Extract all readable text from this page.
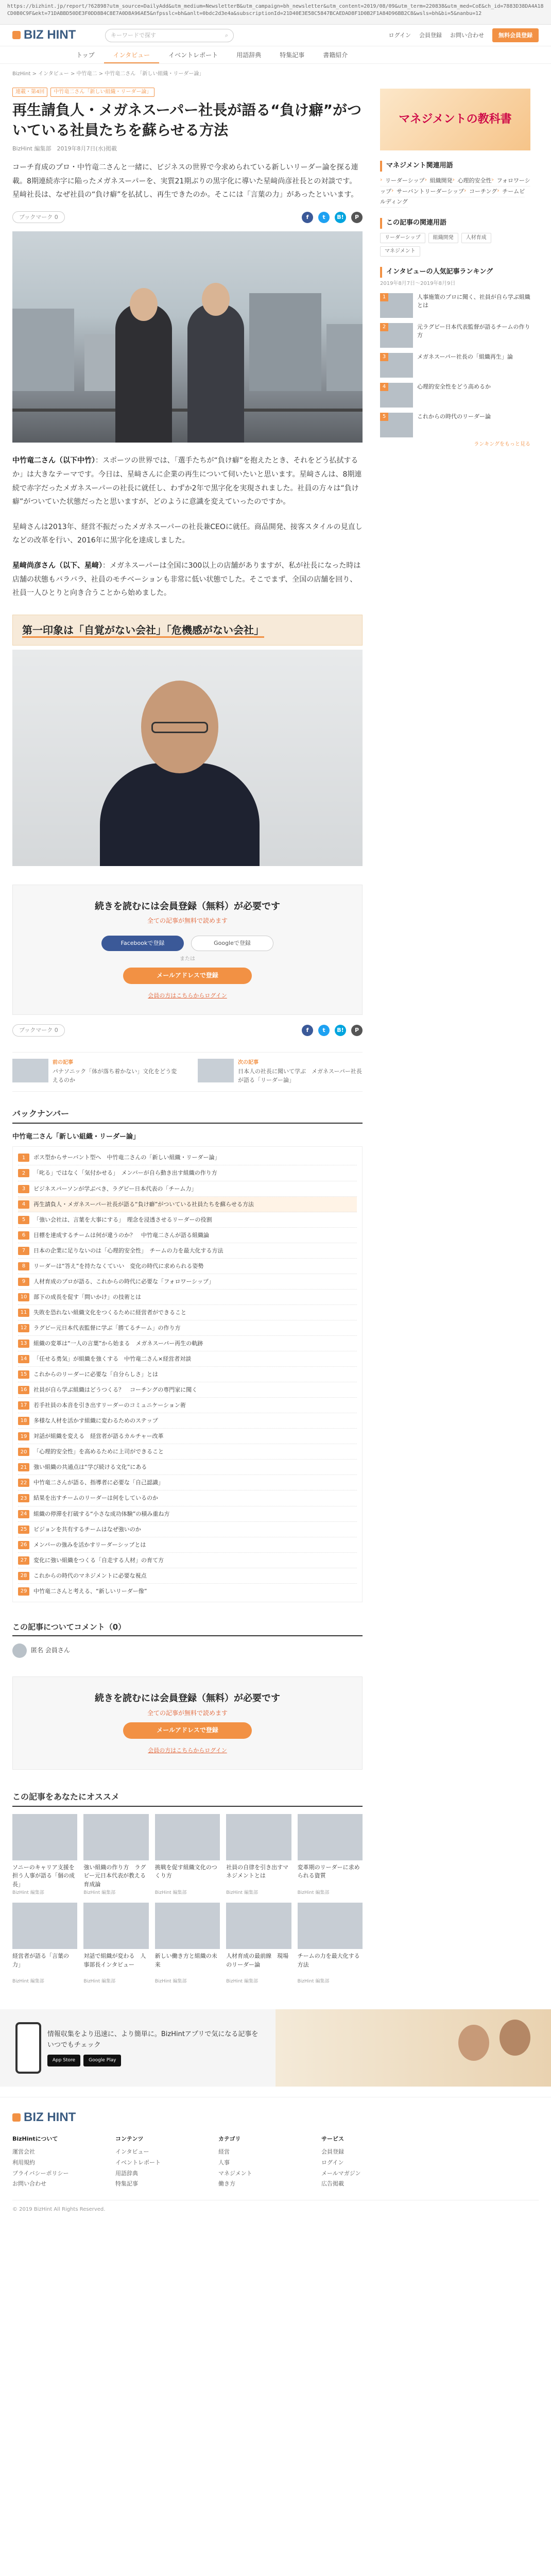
https://bizhint.jp/report/?62898?utm_source=DailyAdd&utm_medium=NewsletterB&utm_campaign=bh_newsletter&utm_content=2019/08/09&utm_term=220838&utm_med=CoE&ch_id=7883D38DA4A18CD0B0C9F&ekt=71DABBD50DE3F0DD8B4C8E7A0D8A96AE5&nfpsslc=bh&anlt=0bdc2d3e4a&subscriptionId=21D40E3E58C5847BCAEDAD8F1D0B2F1A84D96BB2C8&wsls=bh&bi=5&nanbu=12
BIZ HINT	キーワードで探す	⌕	ログイン 会員登録 お問い合わせ	無料会員登録
トップ	インタビュー	イベントレポート	用語辞典	特集記事	書籍紹介
BizHint > インタビュー > 中竹竜二 > 中竹竜二さん 「新しい組織・リーダー論」
連載・第4回	中竹竜二さん「新しい組織・リーダー論」
再生請負人・メガネスーパー社長が語る“負け癖”がついている社員たちを蘇らせる方法
BizHint 編集部　2019年8月7日(水)掲載

コーチ育成のプロ・中竹竜二さんと一緒に、ビジネスの世界で今求められている新しいリーダー論を探る連載。8期連続赤字に陥ったメガネスーパーを、実質21期ぶりの黒字化に導いた星﨑尚彦社長との対談です。星﨑社長は、なぜ社員の“負け癖”を払拭し、再生できたのか。そこには「言葉の力」があったといいます。

ブックマーク 0	f	t	B!	P

中竹竜二さん（以下中竹）：スポーツの世界では、「選手たちが“負け癖”を抱えたとき、それをどう払拭するか」は大きなテーマです。今日は、星﨑さんに企業の再生について伺いたいと思います。星﨑さんは、8期連続で赤字だったメガネスーパーの社長に就任し、わずか2年で黒字化を実現されました。社員の方々は“負け癖”がついていた状態だったと思いますが、どのように意識を変えていったのですか。

星﨑さんは2013年、経営不振だったメガネスーパーの社長兼CEOに就任。商品開発、接客スタイルの見直しなどの改革を行い、2016年に黒字化を達成しました。

星﨑尚彦さん（以下、星﨑）：メガネスーパーは全国に300以上の店舗がありますが、私が社長になった時は店舗の状態もバラバラ、社員のモチベーションも非常に低い状態でした。そこでまず、全国の店舗を回り、社員一人ひとりと向き合うことから始めました。

第一印象は「自覚がない会社」「危機感がない会社」
続きを読むには会員登録（無料）が必要です
全ての記事が無料で読めます
Facebookで登録	Googleで登録
または
メールアドレスで登録
会員の方はこちらからログイン
ブックマーク 0	f	t	B!	P
前の記事
パナソニック「体が落ち着かない」文化をどう変えるのか
次の記事
日本人の社長に聞いて学ぶ　メガネスーパー社長が語る「リーダー論」
バックナンバー
中竹竜二さん「新しい組織・リーダー論」
1	ボス型からサーバント型へ　中竹竜二さんの「新しい組織・リーダー論」
2	「叱る」ではなく「気付かせる」　メンバーが自ら動き出す組織の作り方
3	ビジネスパーソンが学ぶべき、ラグビー日本代表の「チーム力」
4	再生請負人・メガネスーパー社長が語る“負け癖”がついている社員たちを蘇らせる方法
5	「強い会社は、言葉を大事にする」　理念を浸透させるリーダーの役割
6	目標を達成するチームは何が違うのか？　中竹竜二さんが語る組織論
7	日本の企業に足りないのは「心理的安全性」　チームの力を最大化する方法
8	リーダーは“答え”を持たなくていい　変化の時代に求められる姿勢
9	人材育成のプロが語る、これからの時代に必要な「フォロワーシップ」
10	部下の成長を促す「問いかけ」の技術とは
11	失敗を恐れない組織文化をつくるために経営者ができること
12	ラグビー元日本代表監督に学ぶ「勝てるチーム」の作り方
13	組織の変革は“一人の言葉”から始まる　メガネスーパー再生の軌跡
14	「任せる勇気」が組織を強くする　中竹竜二さん×経営者対談
15	これからのリーダーに必要な「自分らしさ」とは
16	社員が自ら学ぶ組織はどうつくる？　コーチングの専門家に聞く
17	若手社員の本音を引き出すリーダーのコミュニケーション術
18	多様な人材を活かす組織に変わるためのステップ
19	対話が組織を変える　経営者が語るカルチャー改革
20	「心理的安全性」を高めるために上司ができること
21	強い組織の共通点は“学び続ける文化”にある
22	中竹竜二さんが語る、指導者に必要な「自己認識」
23	結果を出すチームのリーダーは何をしているのか
24	組織の停滞を打破する“小さな成功体験”の積み重ね方
25	ビジョンを共有するチームはなぜ強いのか
26	メンバーの強みを活かすリーダーシップとは
27	変化に強い組織をつくる「自走する人材」の育て方
28	これからの時代のマネジメントに必要な視点
29	中竹竜二さんと考える、“新しいリーダー像”
この記事についてコメント（0）
匿名 会員さん
続きを読むには会員登録（無料）が必要です
全ての記事が無料で読めます
メールアドレスで登録
会員の方はこちらからログイン
この記事をあなたにオススメ
ソニーのキャリア支援を担う人事が語る「個の成長」
BizHint 編集部
強い組織の作り方　ラグビー元日本代表が教える育成論
BizHint 編集部
挑戦を促す組織文化のつくり方
BizHint 編集部
社員の自律を引き出すマネジメントとは
BizHint 編集部
変革期のリーダーに求められる資質
BizHint 編集部
経営者が語る「言葉の力」
BizHint 編集部
対話で組織が変わる　人事部長インタビュー
BizHint 編集部
新しい働き方と組織の未来
BizHint 編集部
人材育成の最前線　現場のリーダー論
BizHint 編集部
チームの力を最大化する方法
BizHint 編集部
マネジメントの教科書
マネジメント関連用語
› リーダーシップ › 組織開発 › 心理的安全性 › フォロワーシップ › サーバントリーダーシップ › コーチング › チームビルディング
この記事の関連用語
リーダーシップ	組織開発	人材育成
マネジメント
インタビューの人気記事ランキング
2019年8月7日～2019年8月9日
1	人事施策のプロに聞く、社員が自ら学ぶ組織とは
2	元ラグビー日本代表監督が語るチームの作り方
3	メガネスーパー社長の「組織再生」論
4	心理的安全性をどう高めるか
5	これからの時代のリーダー論
ランキングをもっと見る
情報収集をより迅速に、より簡単に。BizHintアプリで気になる記事をいつでもチェック
App Store	Google Play
BIZ HINT
BizHintについて
運営会社
利用規約
プライバシーポリシー
お問い合わせ
コンテンツ
インタビュー
イベントレポート
用語辞典
特集記事
カテゴリ
経営
人事
マネジメント
働き方
サービス
会員登録
ログイン
メールマガジン
広告掲載
© 2019 BizHint All Rights Reserved.
